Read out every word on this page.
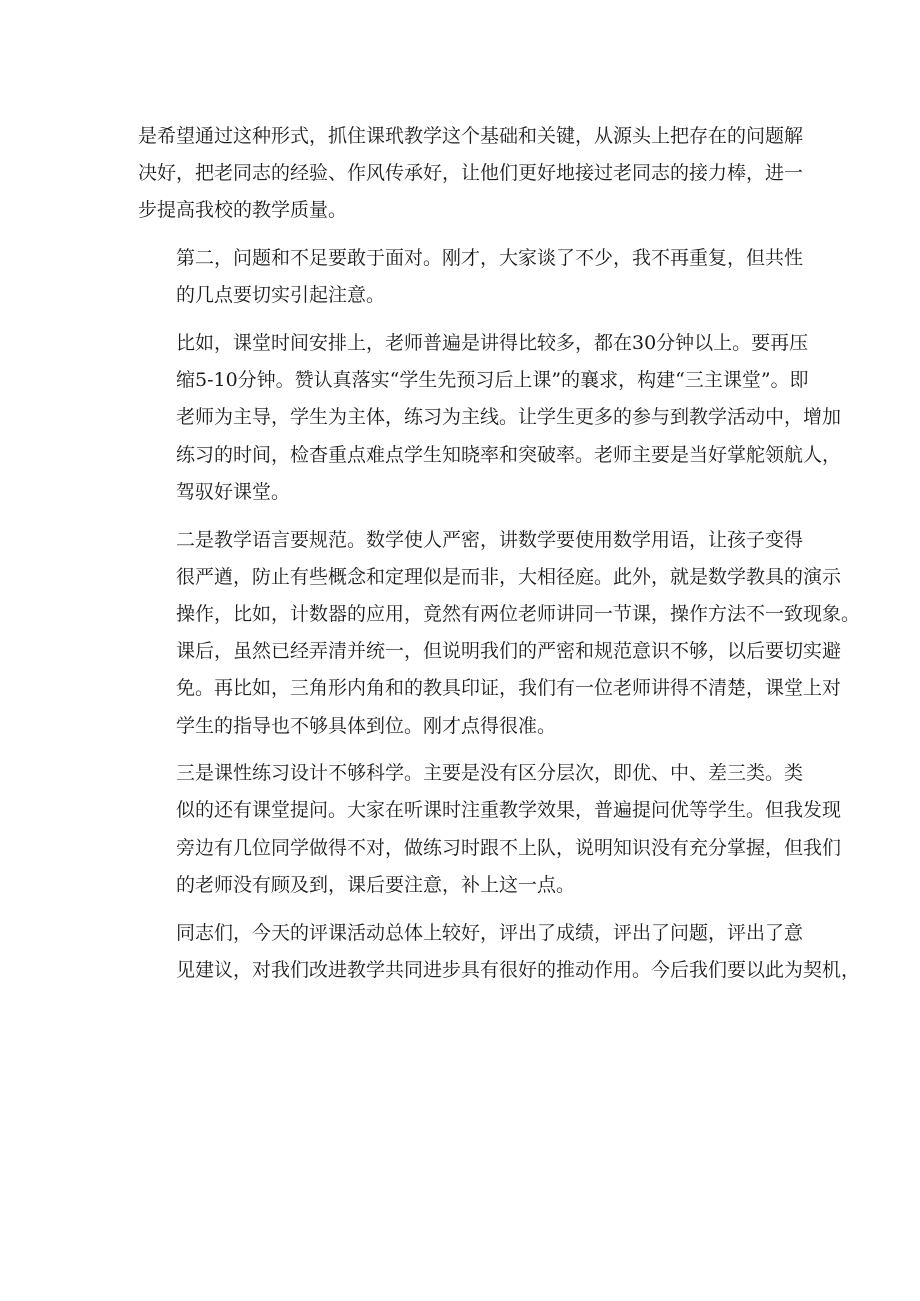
是希望通过这种形式，抓住课玳教学这个基础和关键，从源头上把存在的问题解
决好，把老同志的经验、作风传承好，让他们更好地接过老同志的接力棒，进一
步提高我校的教学质量。

第二，问题和不足要敢于面对。刚才，大家谈了不少，我不再重复，但共性
的几点要切实引起注意。

比如，课堂时间安排上，老师普遍是讲得比较多，都在30分钟以上。要再压
缩5-10分钟。赞认真落实“学生先预习后上课”的襄求，构建“三主课堂”。即
老师为主导，学生为主体，练习为主线。让学生更多的参与到教学活动中，增加
练习的时间，检杳重点难点学生知晓率和突破率。老师主要是当好掌舵领航人，
驾驭好课堂。

二是教学语言要规范。数学使人严密，讲数学要使用数学用语，让孩子变得
很严遒，防止有些概念和定理似是而非，大相径庭。此外，就是数学教具的演示
操作，比如，计数器的应用，竟然有两位老师讲同一节课，操作方法不一致现象。
课后，虽然已经弄清并统一，但说明我们的严密和规范意识不够，以后要切实避
免。再比如，三角形内角和的教具印证，我们有一位老师讲得不清楚，课堂上对
学生的指导也不够具体到位。刚才点得很准。

三是课性练习设计不够科学。主要是没有区分层次，即优、中、差三类。类
似的还有课堂提问。大家在听课时注重教学效果，普遍提问优等学生。但我发现
旁边有几位同学做得不对，做练习时跟不上队，说明知识没有充分掌握，但我们
的老师没有顾及到，课后要注意，补上这一点。

同志们，今天的评课活动总体上较好，评出了成绩，评出了问题，评出了意
见建议，对我们改进教学共同进步具有很好的推动作用。今后我们要以此为契机，
